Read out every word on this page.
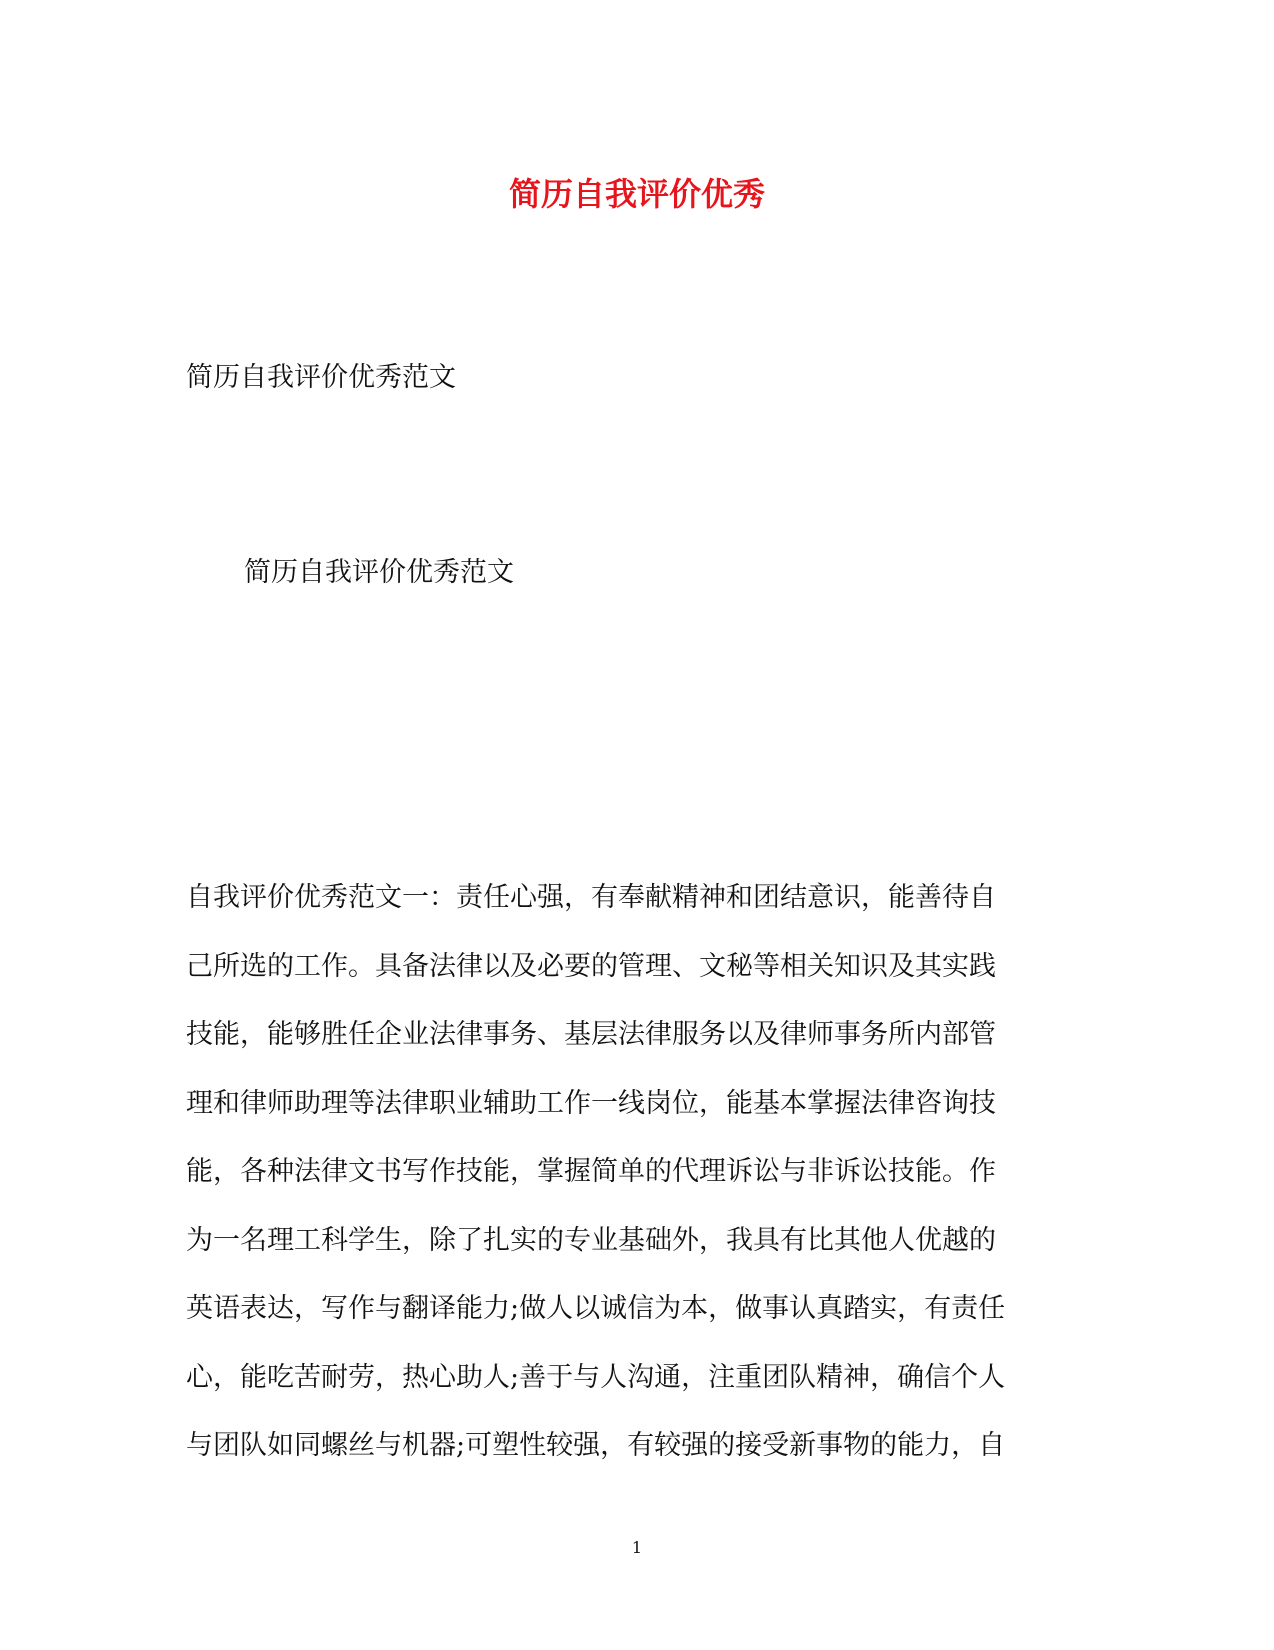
简历自我评价优秀
简历自我评价优秀范文
简历自我评价优秀范文
自我评价优秀范文一：责任心强，有奉献精神和团结意识，能善待自
己所选的工作。具备法律以及必要的管理、文秘等相关知识及其实践
技能，能够胜任企业法律事务、基层法律服务以及律师事务所内部管
理和律师助理等法律职业辅助工作一线岗位，能基本掌握法律咨询技
能，各种法律文书写作技能，掌握简单的代理诉讼与非诉讼技能。作
为一名理工科学生，除了扎实的专业基础外，我具有比其他人优越的
英语表达，写作与翻译能力;做人以诚信为本，做事认真踏实，有责任
心，能吃苦耐劳，热心助人;善于与人沟通，注重团队精神，确信个人
与团队如同螺丝与机器;可塑性较强，有较强的接受新事物的能力，自
1
